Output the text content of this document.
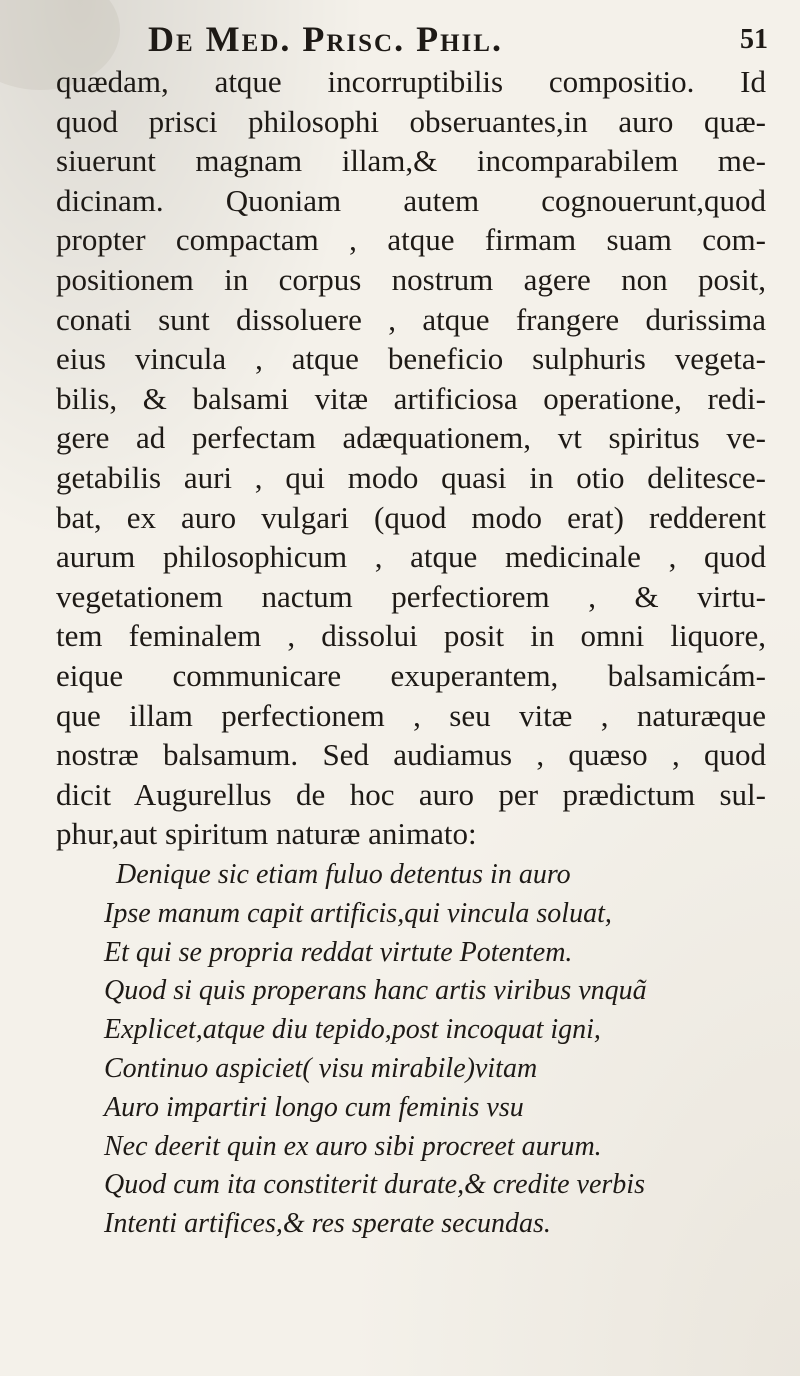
De Med. Prisc. Phil.	51
quædam, atque incorruptibilis compositio. Id
quod prisci philosophi obseruantes,in auro quæ-
siuerunt magnam illam,& incomparabilem me-
dicinam. Quoniam autem cognouerunt,quod
propter compactam , atque firmam suam com-
positionem in corpus nostrum agere non posit,
conati sunt dissoluere , atque frangere durissima
eius vincula , atque beneficio sulphuris vegeta-
bilis, & balsami vitæ artificiosa operatione, redi-
gere ad perfectam adæquationem, vt spiritus ve-
getabilis auri , qui modo quasi in otio delitesce-
bat, ex auro vulgari (quod modo erat) redderent
aurum philosophicum , atque medicinale , quod
vegetationem nactum perfectiorem , & virtu-
tem feminalem , dissolui posit in omni liquore,
eique communicare exuperantem, balsamicám-
que illam perfectionem , seu vitæ , naturæque
nostræ balsamum. Sed audiamus , quæso , quod
dicit Augurellus de hoc auro per prædictum sul-
phur,aut spiritum naturæ animato:
Denique sic etiam fuluo detentus in auro
Ipse manum capit artificis,qui vincula soluat,
Et qui se propria reddat virtute Potentem.
Quod si quis properans hanc artis viribus vnquã
Explicet,atque diu tepido,post incoquat igni,
Continuo aspiciet( visu mirabile)vitam
Auro impartiri longo cum feminis vsu
Nec deerit quin ex auro sibi procreet aurum.
Quod cum ita constiterit durate,& credite verbis
Intenti artifices,& res sperate secundas.
